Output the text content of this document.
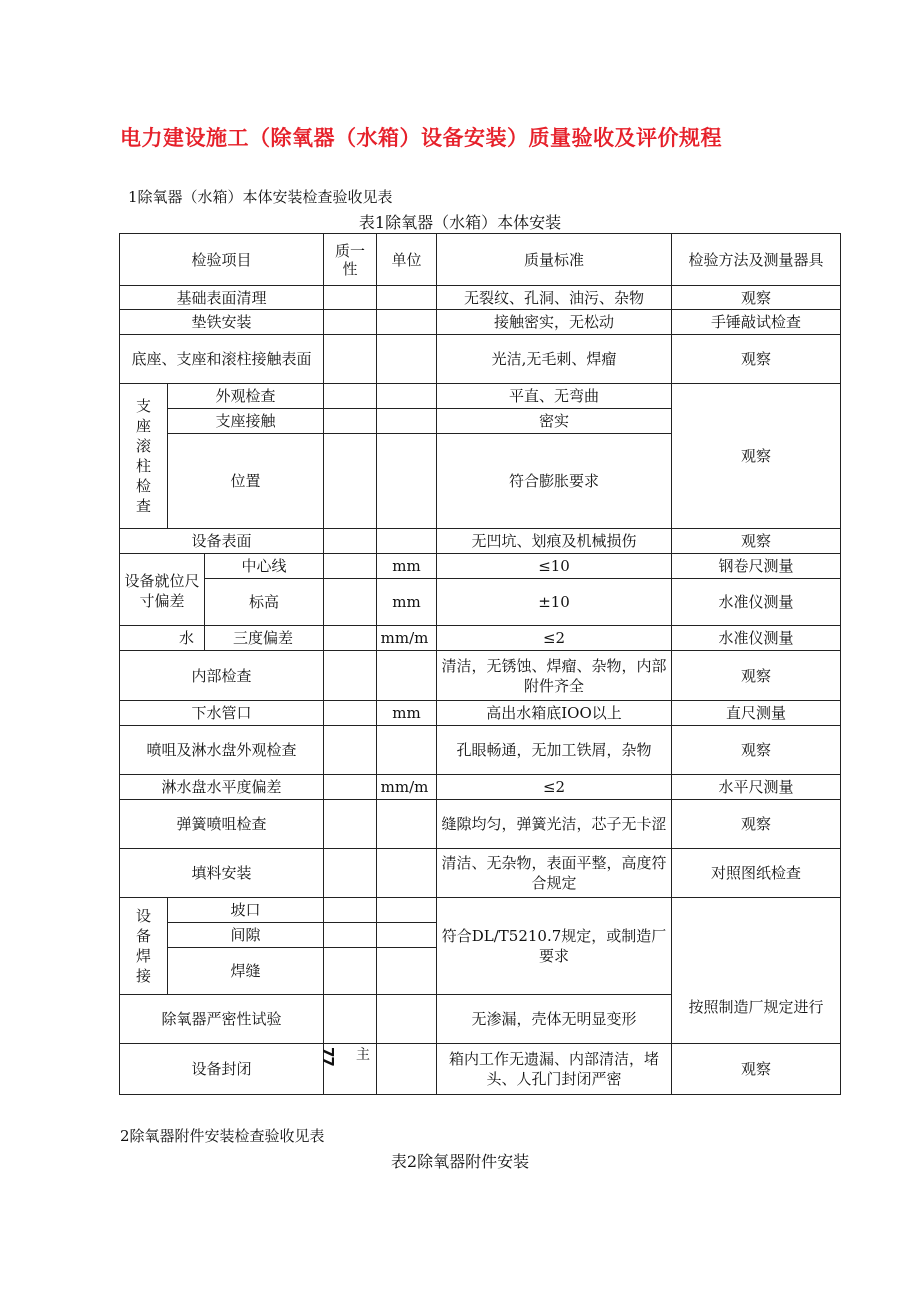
电力建设施工（除氧器（水箱）设备安装）质量验收及评价规程
1除氧器（水箱）本体安装检查验收见表
表1除氧器（水箱）本体安装
检验项目			质一性	单位	质量标准	检验方法及测量器具
基础表面清理					无裂纹、孔洞、油污、杂物	观察
垫铁安装					接触密实，无松动	手锤敲试检查
底座、支座和滚柱接触表面					光洁,无毛刺、焊瘤	观察
支座滚柱检查	外观检查				平直、无弯曲	观察
	支座接触				密实	
	位置				符合膨胀要求	
设备表面					无凹坑、划痕及机械损伤	观察
设备就位尺寸偏差		中心线		mm	≤10	钢卷尺测量
		标高		mm	±10	水准仪测量
水		三度偏差		mm/m	≤2	水准仪测量
内部检查					清洁，无锈蚀、焊瘤、杂物，内部附件齐全	观察
下水管口				mm	高出水箱底IOO以上	直尺测量
喷咀及淋水盘外观检查					孔眼畅通，无加工铁屑，杂物	观察
淋水盘水平度偏差				mm/m	≤2	水平尺测量
弹簧喷咀检查					缝隙均匀，弹簧光洁，芯子无卡涩	观察
填料安装					清洁、无杂物，表面平整，高度符合规定	对照图纸检查
设备焊接	坡口				符合DL/T5210.7规定，或制造厂要求	按照制造厂规定进行
	间隙					
	焊缝					
除氧器严密性试验					无渗漏，壳体无明显变形	
设备封闭			77 主		箱内工作无遗漏、内部清洁，堵头、人孔门封闭严密	观察
2除氧器附件安装检查验收见表
表2除氧器附件安装
